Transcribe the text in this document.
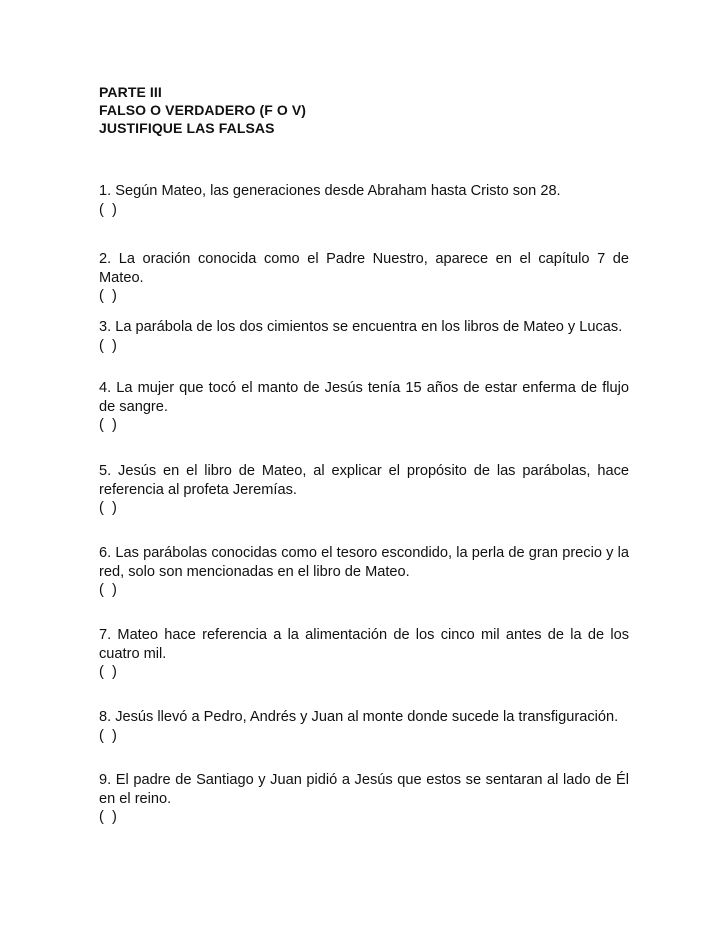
PARTE III
FALSO O VERDADERO (F O V)
JUSTIFIQUE LAS FALSAS
1. Según Mateo, las generaciones desde Abraham hasta Cristo son 28.
(  )
2. La oración conocida como el Padre Nuestro, aparece en el capítulo 7 de Mateo.
(  )
3. La parábola de los dos cimientos se encuentra en los libros de Mateo y Lucas.
(  )
4. La mujer que tocó el manto de Jesús tenía 15 años de estar enferma de flujo de sangre.
(  )
5. Jesús en el libro de Mateo, al explicar el propósito de las parábolas, hace referencia al profeta Jeremías.
(  )
6. Las parábolas conocidas como el tesoro escondido, la perla de gran precio y la red, solo son mencionadas en el libro de Mateo.
(  )
7. Mateo hace referencia a la alimentación de los cinco mil antes de la de los cuatro mil.
(  )
8. Jesús llevó a Pedro, Andrés y Juan al monte donde sucede la transfiguración.
(  )
9. El padre de Santiago y Juan pidió a Jesús que estos se sentaran al lado de Él en el reino.
(  )
